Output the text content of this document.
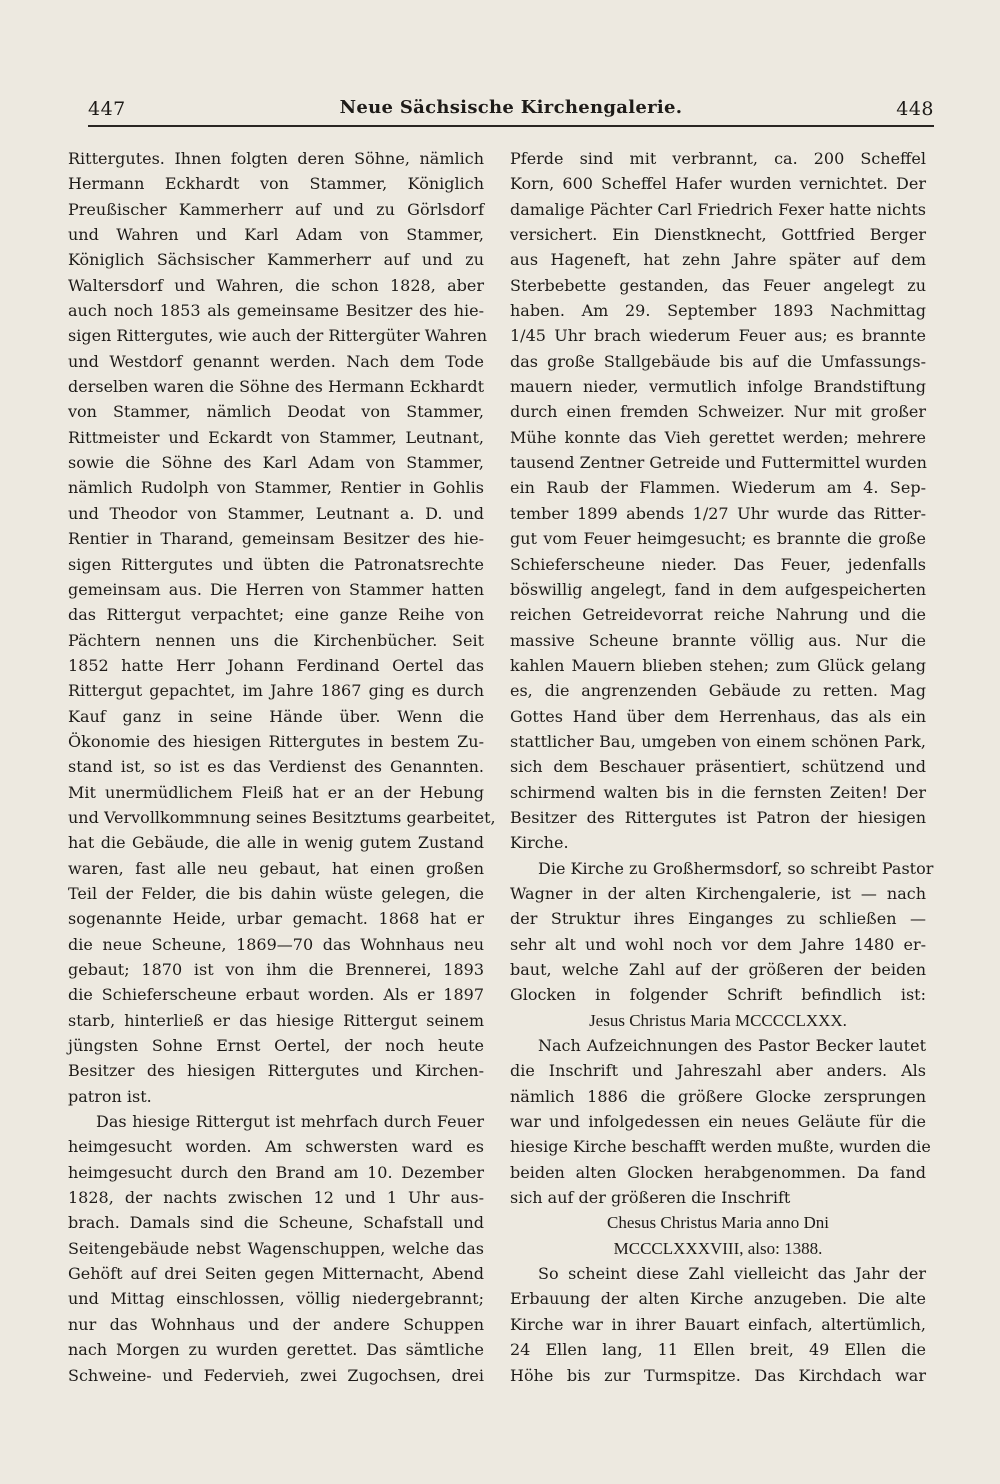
447	Neue Sächsische Kirchengalerie.	448
Rittergutes. Ihnen folgten deren Söhne, nämlich
Hermann Eckhardt von Stammer, Königlich
Preußischer Kammerherr auf und zu Görlsdorf
und Wahren und Karl Adam von Stammer,
Königlich Sächsischer Kammerherr auf und zu
Waltersdorf und Wahren, die schon 1828, aber
auch noch 1853 als gemeinsame Besitzer des hie-
sigen Rittergutes, wie auch der Rittergüter Wahren
und Westdorf genannt werden. Nach dem Tode
derselben waren die Söhne des Hermann Eckhardt
von Stammer, nämlich Deodat von Stammer,
Rittmeister und Eckardt von Stammer, Leutnant,
sowie die Söhne des Karl Adam von Stammer,
nämlich Rudolph von Stammer, Rentier in Gohlis
und Theodor von Stammer, Leutnant a. D. und
Rentier in Tharand, gemeinsam Besitzer des hie-
sigen Rittergutes und übten die Patronatsrechte
gemeinsam aus. Die Herren von Stammer hatten
das Rittergut verpachtet; eine ganze Reihe von
Pächtern nennen uns die Kirchenbücher. Seit
1852 hatte Herr Johann Ferdinand Oertel das
Rittergut gepachtet, im Jahre 1867 ging es durch
Kauf ganz in seine Hände über. Wenn die
Ökonomie des hiesigen Rittergutes in bestem Zu-
stand ist, so ist es das Verdienst des Genannten.
Mit unermüdlichem Fleiß hat er an der Hebung
und Vervollkommnung seines Besitztums gearbeitet,
hat die Gebäude, die alle in wenig gutem Zustand
waren, fast alle neu gebaut, hat einen großen
Teil der Felder, die bis dahin wüste gelegen, die
sogenannte Heide, urbar gemacht. 1868 hat er
die neue Scheune, 1869—70 das Wohnhaus neu
gebaut; 1870 ist von ihm die Brennerei, 1893
die Schieferscheune erbaut worden. Als er 1897
starb, hinterließ er das hiesige Rittergut seinem
jüngsten Sohne Ernst Oertel, der noch heute
Besitzer des hiesigen Rittergutes und Kirchen-
patron ist.
Das hiesige Rittergut ist mehrfach durch Feuer
heimgesucht worden. Am schwersten ward es
heimgesucht durch den Brand am 10. Dezember
1828, der nachts zwischen 12 und 1 Uhr aus-
brach. Damals sind die Scheune, Schafstall und
Seitengebäude nebst Wagenschuppen, welche das
Gehöft auf drei Seiten gegen Mitternacht, Abend
und Mittag einschlossen, völlig niedergebrannt;
nur das Wohnhaus und der andere Schuppen
nach Morgen zu wurden gerettet. Das sämtliche
Schweine- und Federvieh, zwei Zugochsen, drei
Pferde sind mit verbrannt, ca. 200 Scheffel
Korn, 600 Scheffel Hafer wurden vernichtet. Der
damalige Pächter Carl Friedrich Fexer hatte nichts
versichert. Ein Dienstknecht, Gottfried Berger
aus Hageneft, hat zehn Jahre später auf dem
Sterbebette gestanden, das Feuer angelegt zu
haben. Am 29. September 1893 Nachmittag
1/45 Uhr brach wiederum Feuer aus; es brannte
das große Stallgebäude bis auf die Umfassungs-
mauern nieder, vermutlich infolge Brandstiftung
durch einen fremden Schweizer. Nur mit großer
Mühe konnte das Vieh gerettet werden; mehrere
tausend Zentner Getreide und Futtermittel wurden
ein Raub der Flammen. Wiederum am 4. Sep-
tember 1899 abends 1/27 Uhr wurde das Ritter-
gut vom Feuer heimgesucht; es brannte die große
Schieferscheune nieder. Das Feuer, jedenfalls
böswillig angelegt, fand in dem aufgespeicherten
reichen Getreidevorrat reiche Nahrung und die
massive Scheune brannte völlig aus. Nur die
kahlen Mauern blieben stehen; zum Glück gelang
es, die angrenzenden Gebäude zu retten. Mag
Gottes Hand über dem Herrenhaus, das als ein
stattlicher Bau, umgeben von einem schönen Park,
sich dem Beschauer präsentiert, schützend und
schirmend walten bis in die fernsten Zeiten! Der
Besitzer des Rittergutes ist Patron der hiesigen
Kirche.
Die Kirche zu Großhermsdorf, so schreibt Pastor
Wagner in der alten Kirchengalerie, ist — nach
der Struktur ihres Einganges zu schließen —
sehr alt und wohl noch vor dem Jahre 1480 er-
baut, welche Zahl auf der größeren der beiden
Glocken in folgender Schrift befindlich ist:
Jesus Christus Maria MCCCCLXXX.
Nach Aufzeichnungen des Pastor Becker lautet
die Inschrift und Jahreszahl aber anders. Als
nämlich 1886 die größere Glocke zersprungen
war und infolgedessen ein neues Geläute für die
hiesige Kirche beschafft werden mußte, wurden die
beiden alten Glocken herabgenommen. Da fand
sich auf der größeren die Inschrift
Chesus Christus Maria anno Dni
MCCCLXXXVIII, also: 1388.
So scheint diese Zahl vielleicht das Jahr der
Erbauung der alten Kirche anzugeben. Die alte
Kirche war in ihrer Bauart einfach, altertümlich,
24 Ellen lang, 11 Ellen breit, 49 Ellen die
Höhe bis zur Turmspitze. Das Kirchdach war
